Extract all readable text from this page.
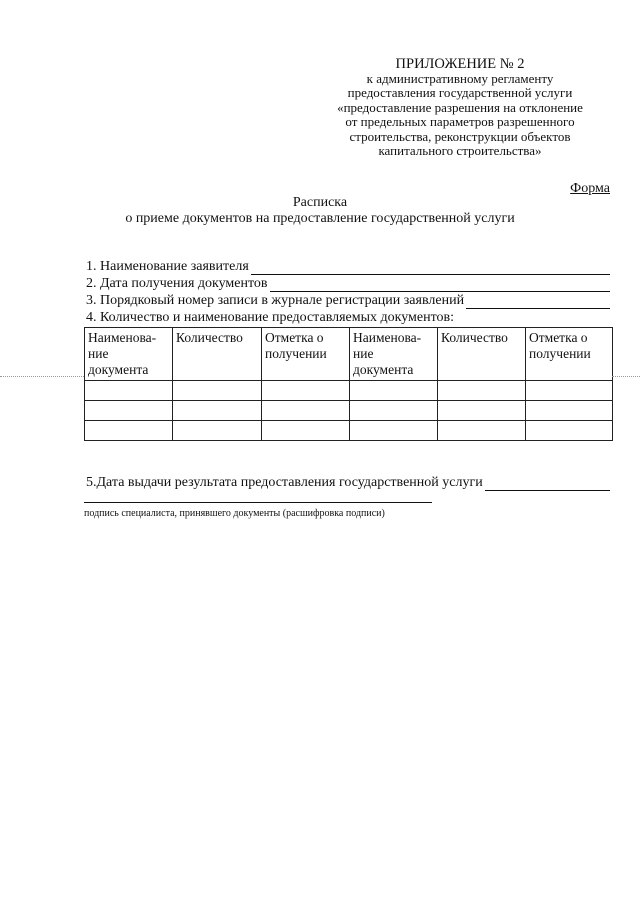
ПРИЛОЖЕНИЕ № 2
к административному регламенту
предоставления государственной услуги
«предоставление разрешения на отклонение
от предельных параметров разрешенного
строительства, реконструкции объектов
капитального строительства»
Форма
Расписка
о приеме документов на предоставление государственной услуги
1. Наименование заявителя
2. Дата получения документов
3. Порядковый номер записи в журнале регистрации заявлений
4. Количество и наименование предоставляемых документов:
Наименова-ние документа	Количество	Отметка о получении	Наименова-ние документа	Количество	Отметка о получении

5.Дата выдачи результата предоставления государственной услуги
подпись специалиста, принявшего документы (расшифровка подписи)
